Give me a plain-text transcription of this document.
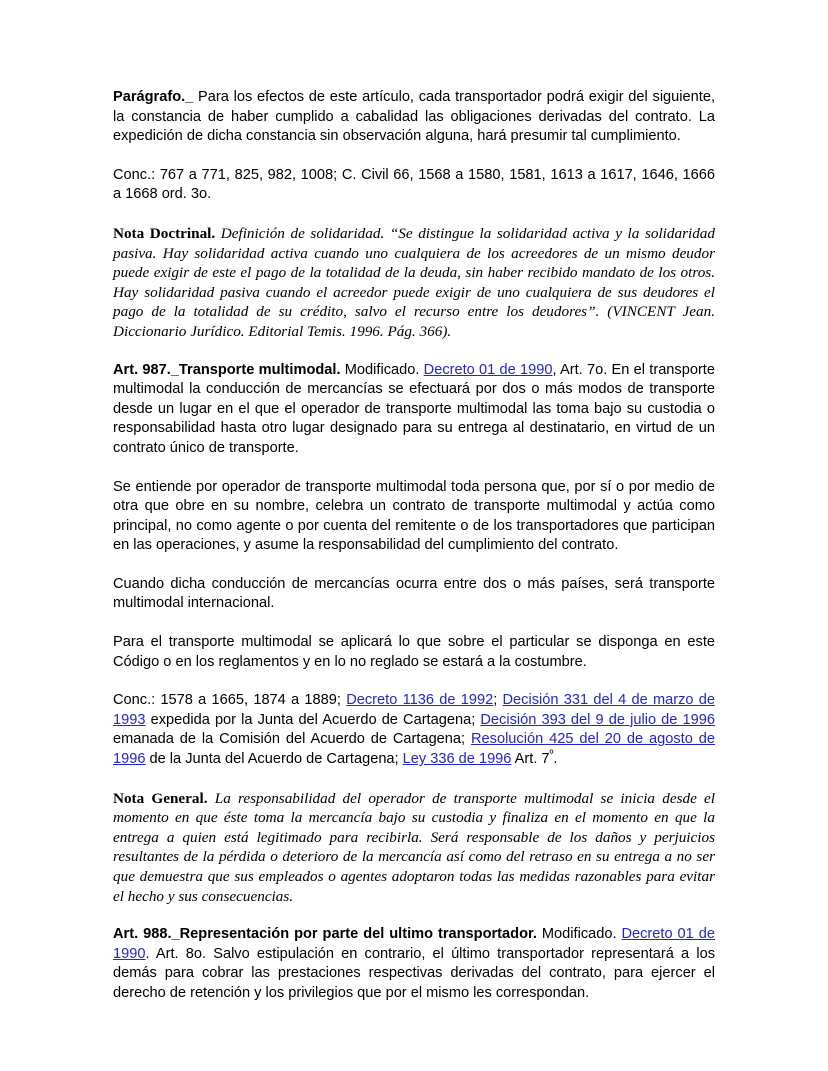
Parágrafo._ Para los efectos de este artículo, cada transportador podrá exigir del siguiente, la constancia de haber cumplido a cabalidad las obligaciones derivadas del contrato. La expedición de dicha constancia sin observación alguna, hará presumir tal cumplimiento.

Conc.: 767 a 771, 825, 982, 1008; C. Civil 66, 1568 a 1580, 1581, 1613 a 1617, 1646, 1666 a 1668 ord. 3o.

Nota Doctrinal. Definición de solidaridad. “Se distingue la solidaridad activa y la solidaridad pasiva. Hay solidaridad activa cuando uno cualquiera de los acreedores de un mismo deudor puede exigir de este el pago de la totalidad de la deuda, sin haber recibido mandato de los otros. Hay solidaridad pasiva cuando el acreedor puede exigir de uno cualquiera de sus deudores el pago de la totalidad de su crédito, salvo el recurso entre los deudores”. (VINCENT Jean. Diccionario Jurídico. Editorial Temis. 1996. Pág. 366).

Art. 987._Transporte multimodal. Modificado. Decreto 01 de 1990, Art. 7o. En el transporte multimodal la conducción de mercancías se efectuará por dos o más modos de transporte desde un lugar en el que el operador de transporte multimodal las toma bajo su custodia o responsabilidad hasta otro lugar designado para su entrega al destinatario, en virtud de un contrato único de transporte.

Se entiende por operador de transporte multimodal toda persona que, por sí o por medio de otra que obre en su nombre, celebra un contrato de transporte multimodal y actúa como principal, no como agente o por cuenta del remitente o de los transportadores que participan en las operaciones, y asume la responsabilidad del cumplimiento del contrato.

Cuando dicha conducción de mercancías ocurra entre dos o más países, será transporte multimodal internacional.

Para el transporte multimodal se aplicará lo que sobre el particular se disponga en este Código o en los reglamentos y en lo no reglado se estará a la costumbre.

Conc.: 1578 a 1665, 1874 a 1889; Decreto 1136 de 1992; Decisión 331 del 4 de marzo de 1993 expedida por la Junta del Acuerdo de Cartagena; Decisión 393 del 9 de julio de 1996 emanada de la Comisión del Acuerdo de Cartagena; Resolución 425 del 20 de agosto de 1996 de la Junta del Acuerdo de Cartagena; Ley 336 de 1996 Art. $7^º$.

Nota General. La responsabilidad del operador de transporte multimodal se inicia desde el momento en que éste toma la mercancía bajo su custodia y finaliza en el momento en que la entrega a quien está legitimado para recibirla. Será responsable de los daños y perjuicios resultantes de la pérdida o deterioro de la mercancía así como del retraso en su entrega a no ser que demuestra que sus empleados o agentes adoptaron todas las medidas razonables para evitar el hecho y sus consecuencias.

Art. 988._Representación por parte del ultimo transportador. Modificado. Decreto 01 de 1990. Art. 8o. Salvo estipulación en contrario, el último transportador representará a los demás para cobrar las prestaciones respectivas derivadas del contrato, para ejercer el derecho de retención y los privilegios que por el mismo les correspondan.
